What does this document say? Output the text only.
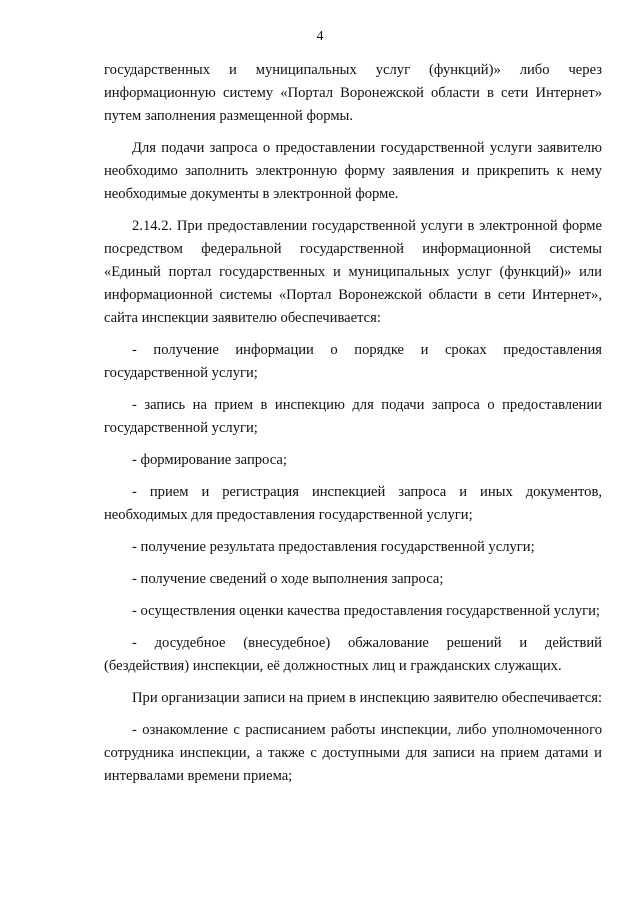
4

государственных и муниципальных услуг (функций)» либо через информационную систему «Портал Воронежской области в сети Интернет» путем заполнения размещенной формы.

Для подачи запроса о предоставлении государственной услуги заявителю необходимо заполнить электронную форму заявления и прикрепить к нему необходимые документы в электронной форме.

2.14.2. При предоставлении государственной услуги в электронной форме посредством федеральной государственной информационной системы «Единый портал государственных и муниципальных услуг (функций)» или информационной системы «Портал Воронежской области в сети Интернет», сайта инспекции заявителю обеспечивается:

- получение информации о порядке и сроках предоставления государственной услуги;

- запись на прием в инспекцию для подачи запроса о предоставлении государственной услуги;

- формирование запроса;

- прием и регистрация инспекцией запроса и иных документов, необходимых для предоставления государственной услуги;

- получение результата предоставления государственной услуги;

- получение сведений о ходе выполнения запроса;

- осуществления оценки качества предоставления государственной услуги;

- досудебное (внесудебное) обжалование решений и действий (бездействия) инспекции, её должностных лиц и гражданских служащих.

При организации записи на прием в инспекцию заявителю обеспечивается:

- ознакомление с расписанием работы инспекции, либо уполномоченного сотрудника инспекции, а также с доступными для записи на прием датами и интервалами времени приема;
